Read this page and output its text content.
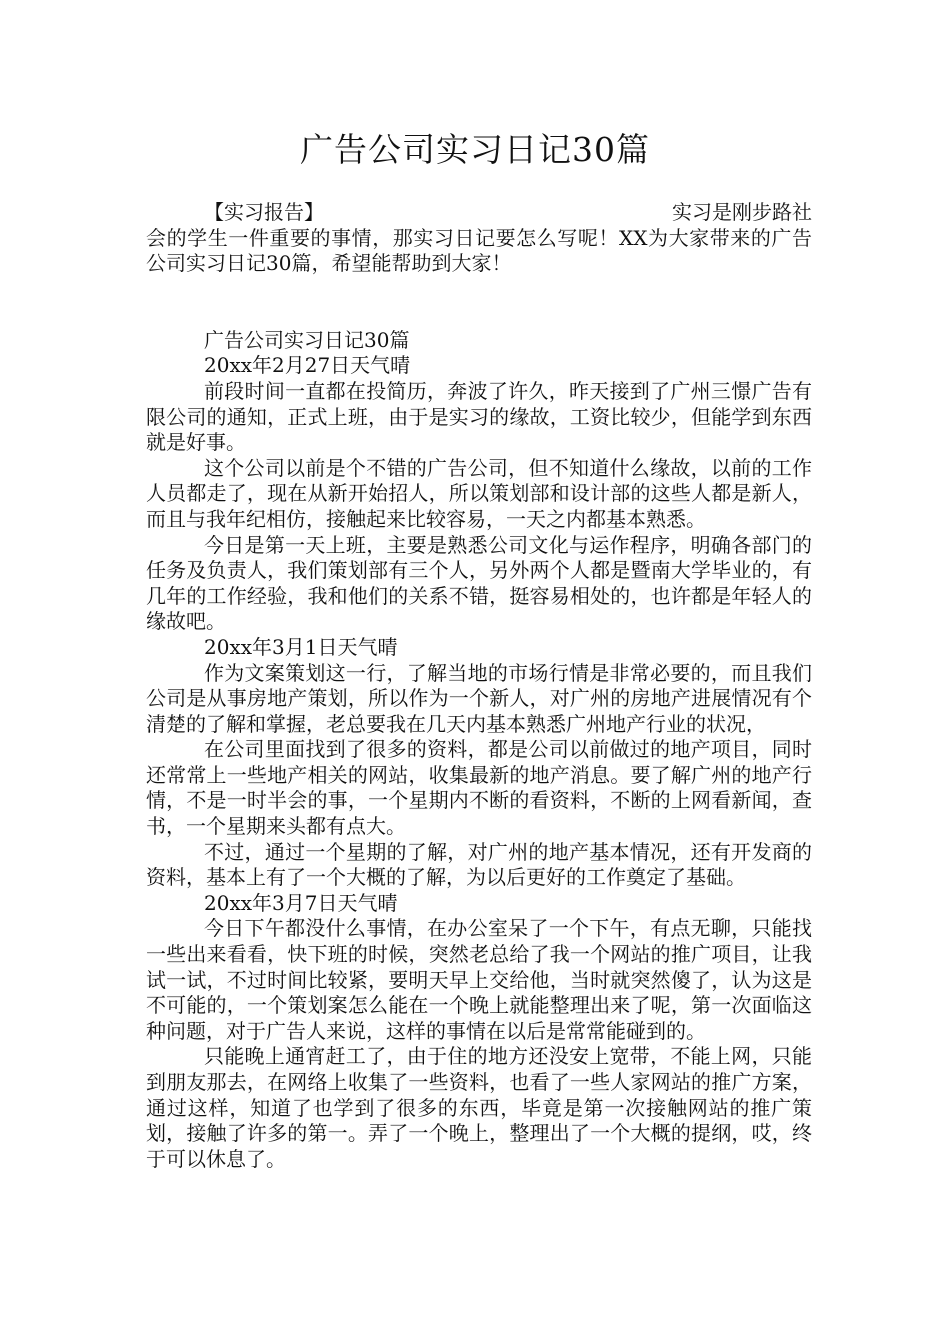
广告公司实习日记30篇
【实习报告】	实习是刚步路社

会的学生一件重要的事情，那实习日记要怎么写呢！XX为大家带来的广告公司实习日记30篇，希望能帮助到大家！

广告公司实习日记30篇

20xx年2月27日天气晴

前段时间一直都在投简历，奔波了许久，昨天接到了广州三憬广告有限公司的通知，正式上班，由于是实习的缘故，工资比较少，但能学到东西就是好事。

这个公司以前是个不错的广告公司，但不知道什么缘故，以前的工作人员都走了，现在从新开始招人，所以策划部和设计部的这些人都是新人，而且与我年纪相仿，接触起来比较容易，一天之内都基本熟悉。

今日是第一天上班，主要是熟悉公司文化与运作程序，明确各部门的任务及负责人，我们策划部有三个人，另外两个人都是暨南大学毕业的，有几年的工作经验，我和他们的关系不错，挺容易相处的，也许都是年轻人的缘故吧。

20xx年3月1日天气晴

作为文案策划这一行，了解当地的市场行情是非常必要的，而且我们公司是从事房地产策划，所以作为一个新人，对广州的房地产进展情况有个清楚的了解和掌握，老总要我在几天内基本熟悉广州地产行业的状况，

在公司里面找到了很多的资料，都是公司以前做过的地产项目，同时还常常上一些地产相关的网站，收集最新的地产消息。要了解广州的地产行情，不是一时半会的事，一个星期内不断的看资料，不断的上网看新闻，查书，一个星期来头都有点大。

不过，通过一个星期的了解，对广州的地产基本情况，还有开发商的资料，基本上有了一个大概的了解，为以后更好的工作奠定了基础。

20xx年3月7日天气晴

今日下午都没什么事情，在办公室呆了一个下午，有点无聊，只能找一些出来看看，快下班的时候，突然老总给了我一个网站的推广项目，让我试一试，不过时间比较紧，要明天早上交给他，当时就突然傻了，认为这是不可能的，一个策划案怎么能在一个晚上就能整理出来了呢，第一次面临这种问题，对于广告人来说，这样的事情在以后是常常能碰到的。

只能晚上通宵赶工了，由于住的地方还没安上宽带，不能上网，只能到朋友那去，在网络上收集了一些资料，也看了一些人家网站的推广方案，通过这样，知道了也学到了很多的东西，毕竟是第一次接触网站的推广策划，接触了许多的第一。弄了一个晚上，整理出了一个大概的提纲，哎，终于可以休息了。
